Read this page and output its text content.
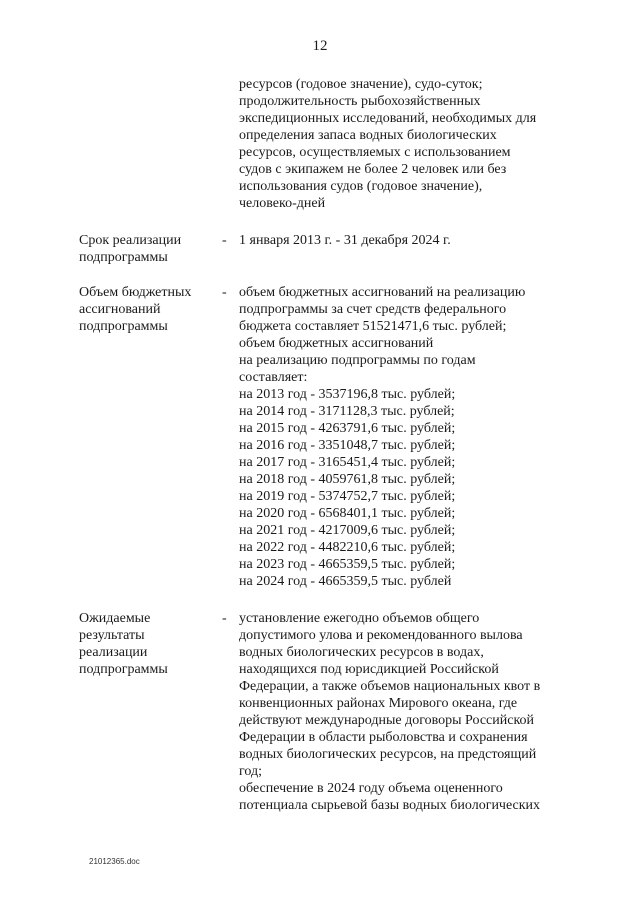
12
ресурсов (годовое значение), судо-суток;
продолжительность рыбохозяйственных
экспедиционных исследований, необходимых для
определения запаса водных биологических
ресурсов, осуществляемых с использованием
судов с экипажем не более 2 человек или без
использования судов (годовое значение),
человеко-дней
Срок реализации
подпрограммы
- 1 января 2013 г. - 31 декабря 2024 г.
Объем бюджетных
ассигнований
подпрограммы
- объем бюджетных ассигнований на реализацию
подпрограммы за счет средств федерального
бюджета составляет 51521471,6 тыс. рублей;
объем бюджетных ассигнований
на реализацию подпрограммы по годам
составляет:
на 2013 год - 3537196,8 тыс. рублей;
на 2014 год - 3171128,3 тыс. рублей;
на 2015 год - 4263791,6 тыс. рублей;
на 2016 год - 3351048,7 тыс. рублей;
на 2017 год - 3165451,4 тыс. рублей;
на 2018 год - 4059761,8 тыс. рублей;
на 2019 год - 5374752,7 тыс. рублей;
на 2020 год - 6568401,1 тыс. рублей;
на 2021 год - 4217009,6 тыс. рублей;
на 2022 год - 4482210,6 тыс. рублей;
на 2023 год - 4665359,5 тыс. рублей;
на 2024 год - 4665359,5 тыс. рублей
Ожидаемые
результаты
реализации
подпрограммы
- установление ежегодно объемов общего
допустимого улова и рекомендованного вылова
водных биологических ресурсов в водах,
находящихся под юрисдикцией Российской
Федерации, а также объемов национальных квот в
конвенционных районах Мирового океана, где
действуют международные договоры Российской
Федерации в области рыболовства и сохранения
водных биологических ресурсов, на предстоящий
год;
обеспечение в 2024 году объема оцененного
потенциала сырьевой базы водных биологических
21012365.doc
